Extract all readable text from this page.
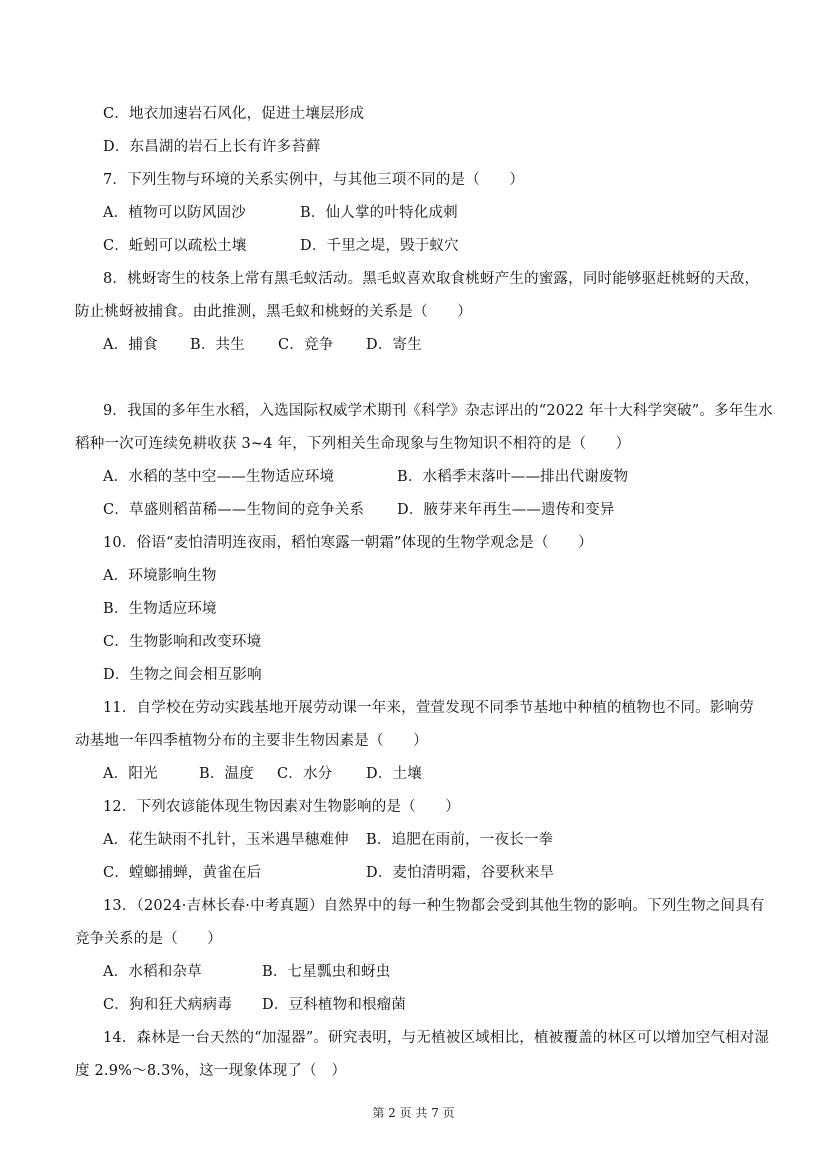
C．地衣加速岩石风化，促进土壤层形成
D．东昌湖的岩石上长有许多苔藓
7．下列生物与环境的关系实例中，与其他三项不同的是（　　）
A．植物可以防风固沙	B．仙人掌的叶特化成刺
C．蚯蚓可以疏松土壤	D．千里之堤，毁于蚁穴
8．桃蚜寄生的枝条上常有黑毛蚁活动。黑毛蚁喜欢取食桃蚜产生的蜜露，同时能够驱赶桃蚜的天敌，
防止桃蚜被捕食。由此推测，黑毛蚁和桃蚜的关系是（　　）
A．捕食 B．共生 C．竞争 D．寄生
9．我国的多年生水稻，入选国际权威学术期刊《科学》杂志评出的“2022 年十大科学突破”。多年生水
稻种一次可连续免耕收获 3~4 年，下列相关生命现象与生物知识不相符的是（　　）
A．水稻的茎中空——生物适应环境	B．水稻季末落叶——排出代谢废物
C．草盛则稻苗稀——生物间的竞争关系 D．腋芽来年再生——遗传和变异
10．俗语“麦怕清明连夜雨，稻怕寒露一朝霜”体现的生物学观念是（　　）
A．环境影响生物
B．生物适应环境
C．生物影响和改变环境
D．生物之间会相互影响
11．自学校在劳动实践基地开展劳动课一年来，萱萱发现不同季节基地中种植的植物也不同。影响劳
动基地一年四季植物分布的主要非生物因素是（　　）
A．阳光	B．温度 C．水分 D．土壤
12．下列农谚能体现生物因素对生物影响的是（　　）
A．花生缺雨不扎针，玉米遇旱穗难伸 B．追肥在雨前，一夜长一拳
C．螳螂捕蝉，黄雀在后	D．麦怕清明霜，谷要秋来旱
13．（2024·吉林长春·中考真题）自然界中的每一种生物都会受到其他生物的影响。下列生物之间具有
竞争关系的是（　　）
A．水稻和杂草	B．七星瓢虫和蚜虫
C．狗和狂犬病病毒 D．豆科植物和根瘤菌
14．森林是一台天然的“加湿器”。研究表明，与无植被区域相比，植被覆盖的林区可以增加空气相对湿
度 2.9%～8.3%，这一现象体现了（　）
第 2 页 共 7 页
